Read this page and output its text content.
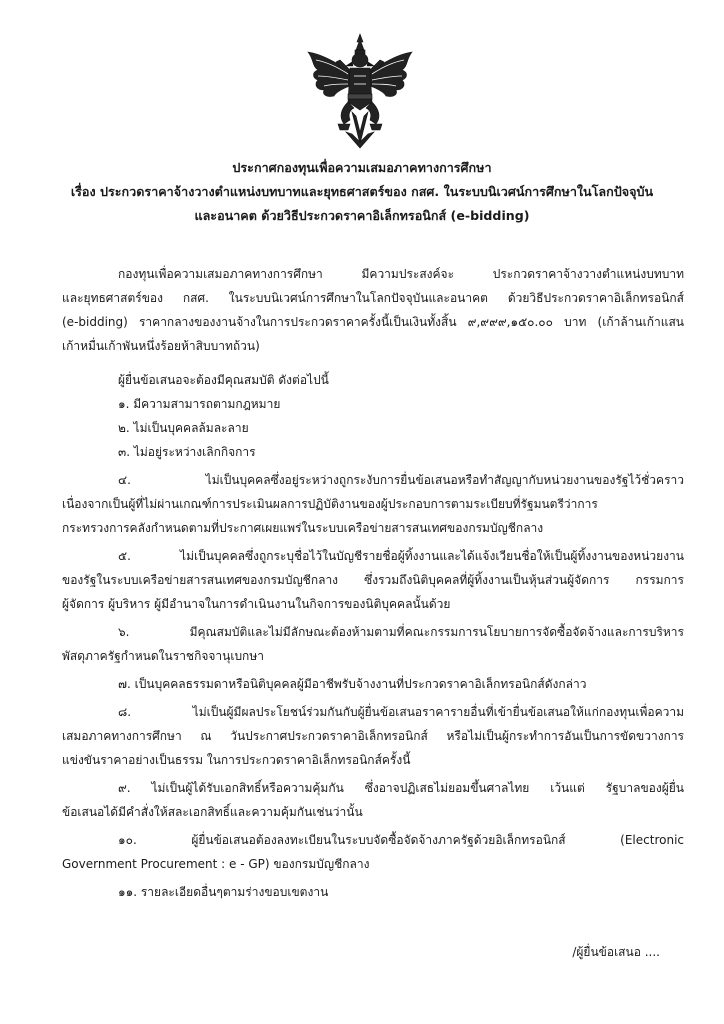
ประกาศกองทุนเพื่อความเสมอภาคทางการศึกษา
เรื่อง ประกวดราคาจ้างวางตำแหน่งบทบาทและยุทธศาสตร์ของ กสศ. ในระบบนิเวศน์การศึกษาในโลกปัจจุบัน
และอนาคต ด้วยวิธีประกวดราคาอิเล็กทรอนิกส์ (e-bidding)
กองทุนเพื่อความเสมอภาคทางการศึกษา มีความประสงค์จะ ประกวดราคาจ้างวางตำแหน่งบทบาท
และยุทธศาสตร์ของ กสศ. ในระบบนิเวศน์การศึกษาในโลกปัจจุบันและอนาคต ด้วยวิธีประกวดราคาอิเล็กทรอนิกส์
(e-bidding) ราคากลางของงานจ้างในการประกวดราคาครั้งนี้เป็นเงินทั้งสิ้น ๙,๙๙๙,๑๕๐.๐๐ บาท (เก้าล้านเก้าแสน
เก้าหมื่นเก้าพันหนึ่งร้อยห้าสิบบาทถ้วน)
ผู้ยื่นข้อเสนอจะต้องมีคุณสมบัติ ดังต่อไปนี้
๑. มีความสามารถตามกฎหมาย
๒. ไม่เป็นบุคคลล้มละลาย
๓. ไม่อยู่ระหว่างเลิกกิจการ
๔. ไม่เป็นบุคคลซึ่งอยู่ระหว่างถูกระงับการยื่นข้อเสนอหรือทำสัญญากับหน่วยงานของรัฐไว้ชั่วคราว
เนื่องจากเป็นผู้ที่ไม่ผ่านเกณฑ์การประเมินผลการปฏิบัติงานของผู้ประกอบการตามระเบียบที่รัฐมนตรีว่าการ
กระทรวงการคลังกำหนดตามที่ประกาศเผยแพร่ในระบบเครือข่ายสารสนเทศของกรมบัญชีกลาง
๕. ไม่เป็นบุคคลซึ่งถูกระบุชื่อไว้ในบัญชีรายชื่อผู้ทิ้งงานและได้แจ้งเวียนชื่อให้เป็นผู้ทิ้งงานของหน่วยงาน
ของรัฐในระบบเครือข่ายสารสนเทศของกรมบัญชีกลาง ซึ่งรวมถึงนิติบุคคลที่ผู้ทิ้งงานเป็นหุ้นส่วนผู้จัดการ กรรมการ
ผู้จัดการ ผู้บริหาร ผู้มีอำนาจในการดำเนินงานในกิจการของนิติบุคคลนั้นด้วย
๖. มีคุณสมบัติและไม่มีลักษณะต้องห้ามตามที่คณะกรรมการนโยบายการจัดซื้อจัดจ้างและการบริหาร
พัสดุภาครัฐกำหนดในราชกิจจานุเบกษา
๗. เป็นบุคคลธรรมดาหรือนิติบุคคลผู้มีอาชีพรับจ้างงานที่ประกวดราคาอิเล็กทรอนิกส์ดังกล่าว
๘. ไม่เป็นผู้มีผลประโยชน์ร่วมกันกับผู้ยื่นข้อเสนอราคารายอื่นที่เข้ายื่นข้อเสนอให้แก่กองทุนเพื่อความ
เสมอภาคทางการศึกษา ณ วันประกาศประกวดราคาอิเล็กทรอนิกส์ หรือไม่เป็นผู้กระทำการอันเป็นการขัดขวางการ
แข่งขันราคาอย่างเป็นธรรม ในการประกวดราคาอิเล็กทรอนิกส์ครั้งนี้
๙. ไม่เป็นผู้ได้รับเอกสิทธิ์หรือความคุ้มกัน ซึ่งอาจปฏิเสธไม่ยอมขึ้นศาลไทย เว้นแต่ รัฐบาลของผู้ยื่น
ข้อเสนอได้มีคำสั่งให้สละเอกสิทธิ์และความคุ้มกันเช่นว่านั้น
๑๐. ผู้ยื่นข้อเสนอต้องลงทะเบียนในระบบจัดซื้อจัดจ้างภาครัฐด้วยอิเล็กทรอนิกส์ (Electronic
Government Procurement : e - GP) ของกรมบัญชีกลาง
๑๑. รายละเอียดอื่นๆตามร่างขอบเขตงาน
/ผู้ยื่นข้อเสนอ ....
